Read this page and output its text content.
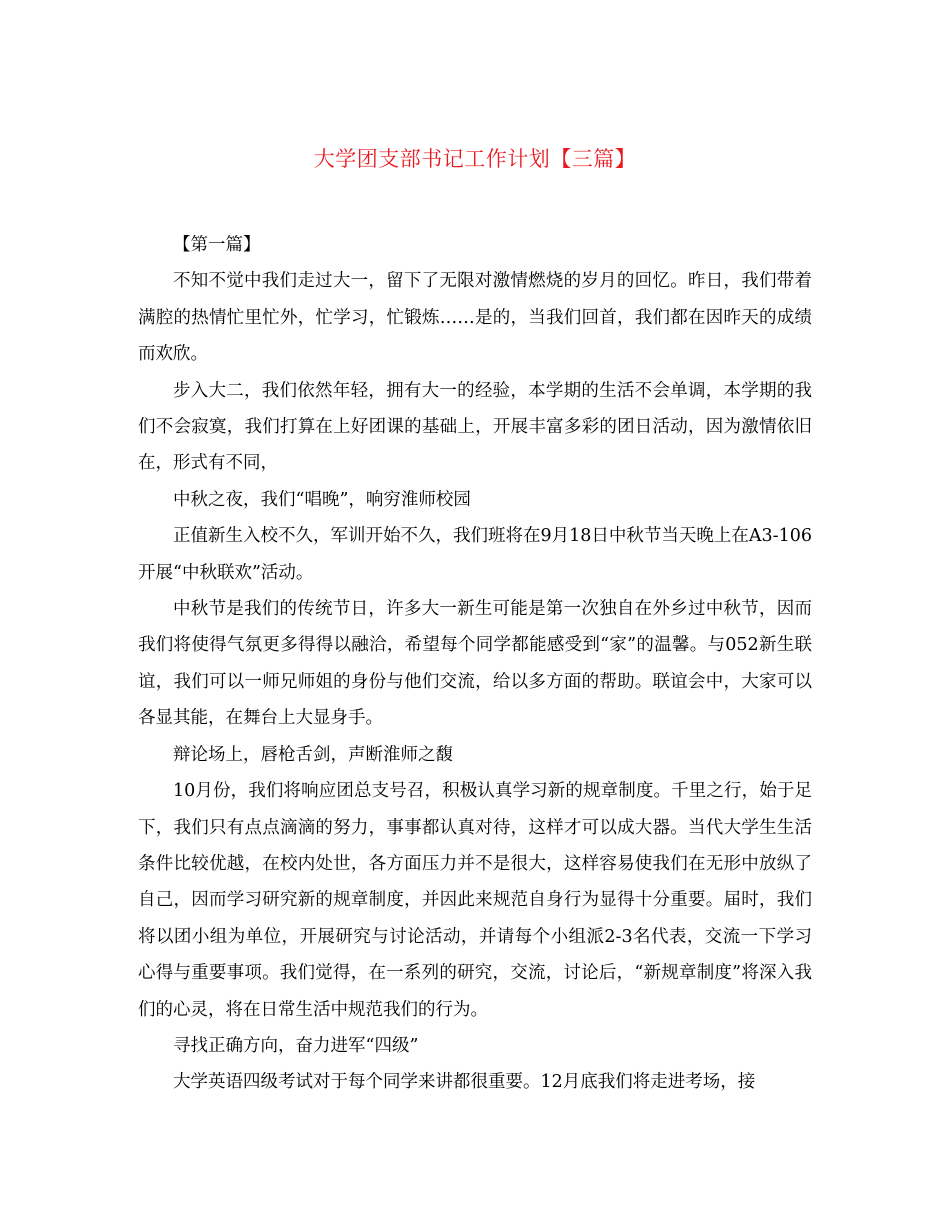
大学团支部书记工作计划【三篇】

【第一篇】

不知不觉中我们走过大一，留下了无限对激情燃烧的岁月的回忆。昨日，我们带着满腔的热情忙里忙外，忙学习，忙锻炼……是的，当我们回首，我们都在因昨天的成绩而欢欣。

步入大二，我们依然年轻，拥有大一的经验，本学期的生活不会单调，本学期的我们不会寂寞，我们打算在上好团课的基础上，开展丰富多彩的团日活动，因为激情依旧在，形式有不同，

中秋之夜，我们“唱晚”，响穷淮师校园

正值新生入校不久，军训开始不久，我们班将在9月18日中秋节当天晚上在A3-106开展“中秋联欢”活动。

中秋节是我们的传统节日，许多大一新生可能是第一次独自在外乡过中秋节，因而我们将使得气氛更多得得以融洽，希望每个同学都能感受到“家”的温馨。与052新生联谊，我们可以一师兄师姐的身份与他们交流，给以多方面的帮助。联谊会中，大家可以各显其能，在舞台上大显身手。

辩论场上，唇枪舌剑，声断淮师之馥

10月份，我们将响应团总支号召，积极认真学习新的规章制度。千里之行，始于足下，我们只有点点滴滴的努力，事事都认真对待，这样才可以成大器。当代大学生生活条件比较优越，在校内处世，各方面压力并不是很大，这样容易使我们在无形中放纵了自己，因而学习研究新的规章制度，并因此来规范自身行为显得十分重要。届时，我们将以团小组为单位，开展研究与讨论活动，并请每个小组派2-3名代表，交流一下学习心得与重要事项。我们觉得，在一系列的研究，交流，讨论后，“新规章制度”将深入我们的心灵，将在日常生活中规范我们的行为。

寻找正确方向，奋力进军“四级”

大学英语四级考试对于每个同学来讲都很重要。12月底我们将走进考场，接
